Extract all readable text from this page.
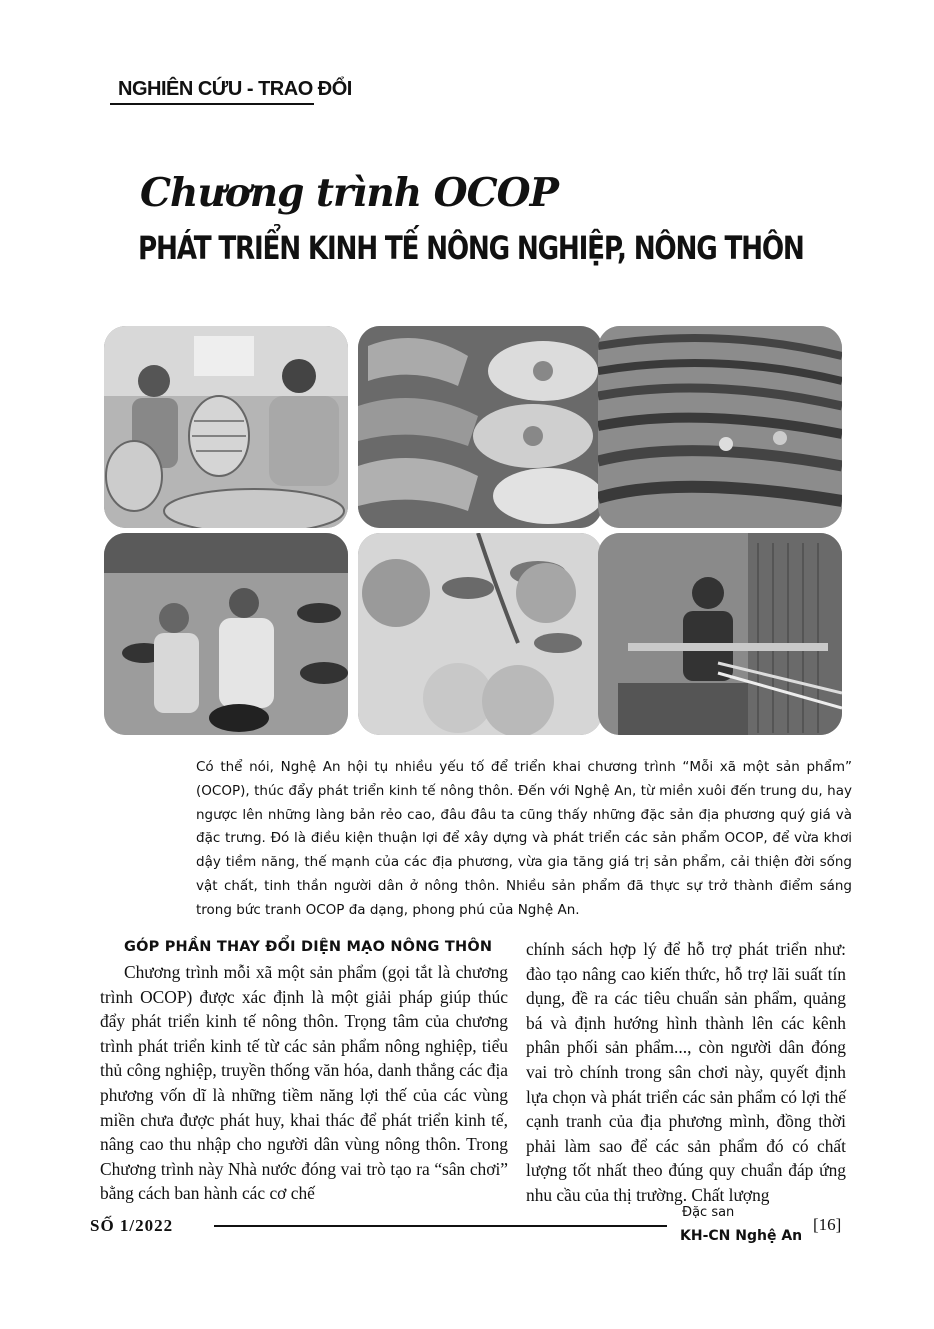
NGHIÊN CỨU - TRAO ĐỔI
Chương trình OCOP
PHÁT TRIỂN KINH TẾ NÔNG NGHIỆP, NÔNG THÔN
Có thể nói, Nghệ An hội tụ nhiều yếu tố để triển khai chương trình “Mỗi xã một sản phẩm” (OCOP), thúc đẩy phát triển kinh tế nông thôn. Đến với Nghệ An, từ miền xuôi đến trung du, hay ngược lên những làng bản rẻo cao, đâu đâu ta cũng thấy những đặc sản địa phương quý giá và đặc trưng. Đó là điều kiện thuận lợi để xây dựng và phát triển các sản phẩm OCOP, để vừa khơi dậy tiềm năng, thế mạnh của các địa phương, vừa gia tăng giá trị sản phẩm, cải thiện đời sống vật chất, tinh thần người dân ở nông thôn. Nhiều sản phẩm đã thực sự trở thành điểm sáng trong bức tranh OCOP đa dạng, phong phú của Nghệ An.
GÓP PHẦN THAY ĐỔI DIỆN MẠO NÔNG THÔN
Chương trình mỗi xã một sản phẩm (gọi tắt là chương trình OCOP) được xác định là một giải pháp giúp thúc đẩy phát triển kinh tế nông thôn. Trọng tâm của chương trình phát triển kinh tế từ các sản phẩm nông nghiệp, tiểu thủ công nghiệp, truyền thống văn hóa, danh thắng các địa phương vốn dĩ là những tiềm năng lợi thế của các vùng miền chưa được phát huy, khai thác để phát triển kinh tế, nâng cao thu nhập cho người dân vùng nông thôn. Trong Chương trình này Nhà nước đóng vai trò tạo ra “sân chơi” bằng cách ban hành các cơ chế
chính sách hợp lý để hỗ trợ phát triển như: đào tạo nâng cao kiến thức, hỗ trợ lãi suất tín dụng, đề ra các tiêu chuẩn sản phẩm, quảng bá và định hướng hình thành lên các kênh phân phối sản phẩm..., còn người dân đóng vai trò chính trong sân chơi này, quyết định lựa chọn và phát triển các sản phẩm có lợi thế cạnh tranh của địa phương mình, đồng thời phải làm sao để các sản phẩm đó có chất lượng tốt nhất theo đúng quy chuẩn đáp ứng nhu cầu của thị trường. Chất lượng
SỐ 1/2022
Đặc san
KH-CN Nghệ An
[16]
